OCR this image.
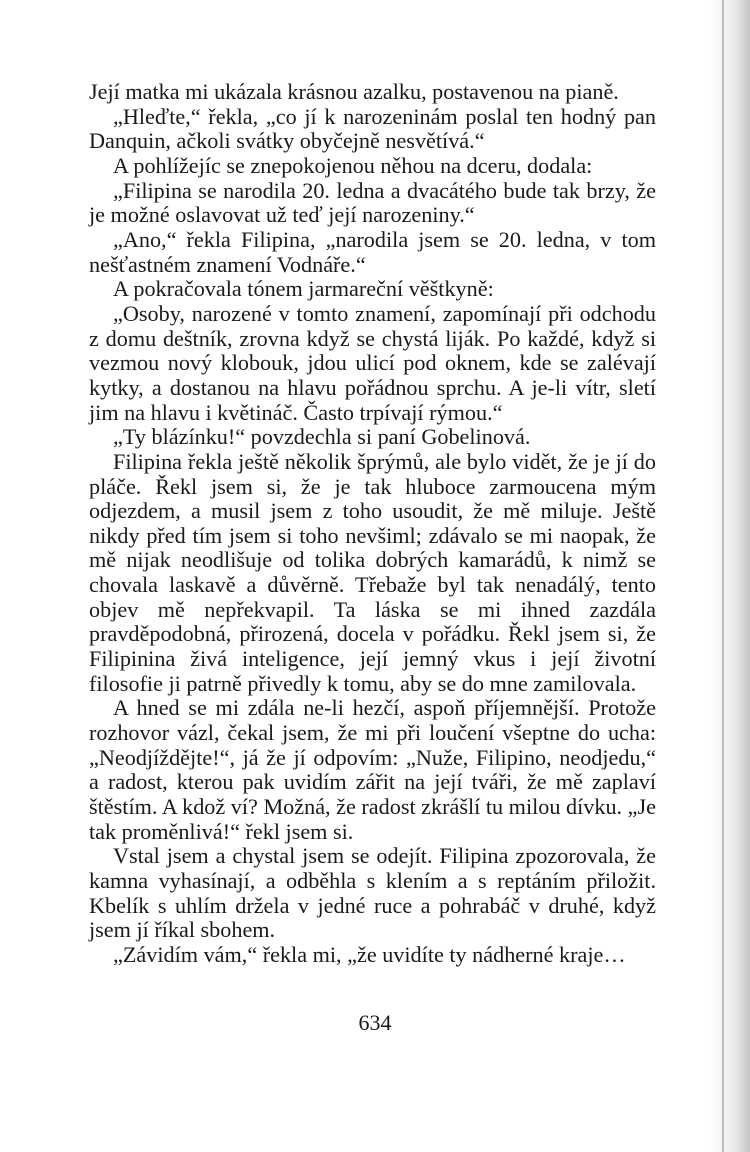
Její matka mi ukázala krásnou azalku, postavenou na pianě.

„Hleďte,“ řekla, „co jí k narozeninám poslal ten hodný pan Danquin, ačkoli svátky obyčejně nesvětívá.“

A pohlížejíc se znepokojenou něhou na dceru, dodala:

„Filipina se narodila 20. ledna a dvacátého bude tak brzy, že je možné oslavovat už teď její narozeniny.“

„Ano,“ řekla Filipina, „narodila jsem se 20. ledna, v tom nešťastném znamení Vodnáře.“

A pokračovala tónem jarmareční věštkyně:

„Osoby, narozené v tomto znamení, zapomínají při odchodu z domu deštník, zrovna když se chystá liják. Po každé, když si vezmou nový klobouk, jdou ulicí pod oknem, kde se zalévají kytky, a dostanou na hlavu pořádnou sprchu. A je-li vítr, sletí jim na hlavu i květináč. Často trpívají rýmou.“

„Ty blázínku!“ povzdechla si paní Gobelinová.

Filipina řekla ještě několik šprýmů, ale bylo vidět, že je jí do pláče. Řekl jsem si, že je tak hluboce zarmoucena mým odjezdem, a musil jsem z toho usoudit, že mě miluje. Ještě nikdy před tím jsem si toho nevšiml; zdávalo se mi naopak, že mě nijak neodlišuje od tolika dobrých kamarádů, k nimž se chovala laskavě a důvěrně. Třebaže byl tak nenadálý, tento objev mě nepřekvapil. Ta láska se mi ihned zazdála pravděpodobná, přirozená, docela v pořádku. Řekl jsem si, že Filipinina živá inteligence, její jemný vkus i její životní filosofie ji patrně přivedly k tomu, aby se do mne zamilovala.

A hned se mi zdála ne-li hezčí, aspoň příjemnější. Protože rozhovor vázl, čekal jsem, že mi při loučení všeptne do ucha: „Neodjíždějte!“, já že jí odpovím: „Nuže, Filipino, neodjedu,“ a radost, kterou pak uvidím zářit na její tváři, že mě zaplaví štěstím. A kdož ví? Možná, že radost zkrášlí tu milou dívku. „Je tak proměnlivá!“ řekl jsem si.

Vstal jsem a chystal jsem se odejít. Filipina zpozorovala, že kamna vyhasínají, a odběhla s klením a s reptáním přiložit. Kbelík s uhlím držela v jedné ruce a pohrabáč v druhé, když jsem jí říkal sbohem.

„Závidím vám,“ řekla mi, „že uvidíte ty nádherné kraje…

634
